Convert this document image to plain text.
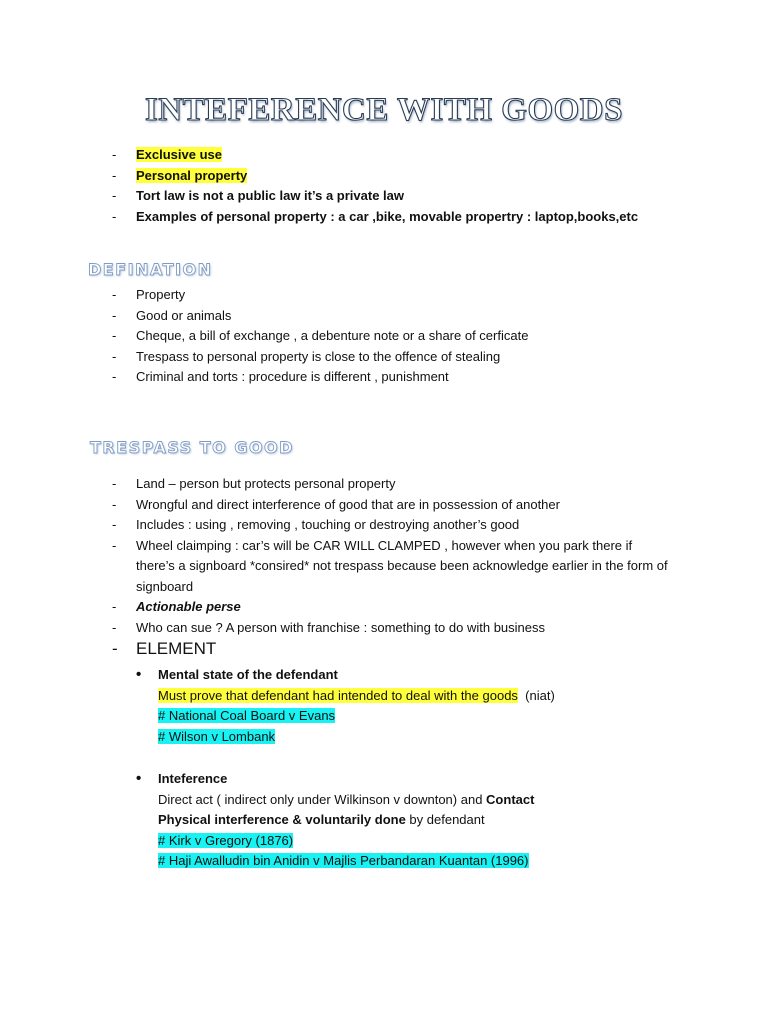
INTEFERENCE WITH GOODS
- Exclusive use
- Personal property
- Tort law is not a public law it’s a private law
- Examples of personal property : a car ,bike, movable propertry : laptop,books,etc
DEFINATION
- Property
- Good or animals
- Cheque, a bill of exchange , a debenture note or a share of cerficate
- Trespass to personal property is close to the offence of stealing
- Criminal and torts : procedure is different , punishment
TRESPASS TO GOOD
- Land – person but protects personal property
- Wrongful and direct interference of good that are in possession of another
- Includes : using , removing , touching or destroying another’s good
- Wheel claimping : car’s will be CAR WILL CLAMPED , however when you park there if there’s a signboard *consired* not trespass because been acknowledge earlier in the form of signboard
- Actionable perse
- Who can sue ? A person with franchise : something to do with business
- ELEMENT
• Mental state of the defendant
Must prove that defendant had intended to deal with the goods (niat)
# National Coal Board v Evans
# Wilson v Lombank
• Inteference
Direct act ( indirect only under Wilkinson v downton) and Contact
Physical interference & voluntarily done by defendant
# Kirk v Gregory (1876)
# Haji Awalludin bin Anidin v Majlis Perbandaran Kuantan (1996)
